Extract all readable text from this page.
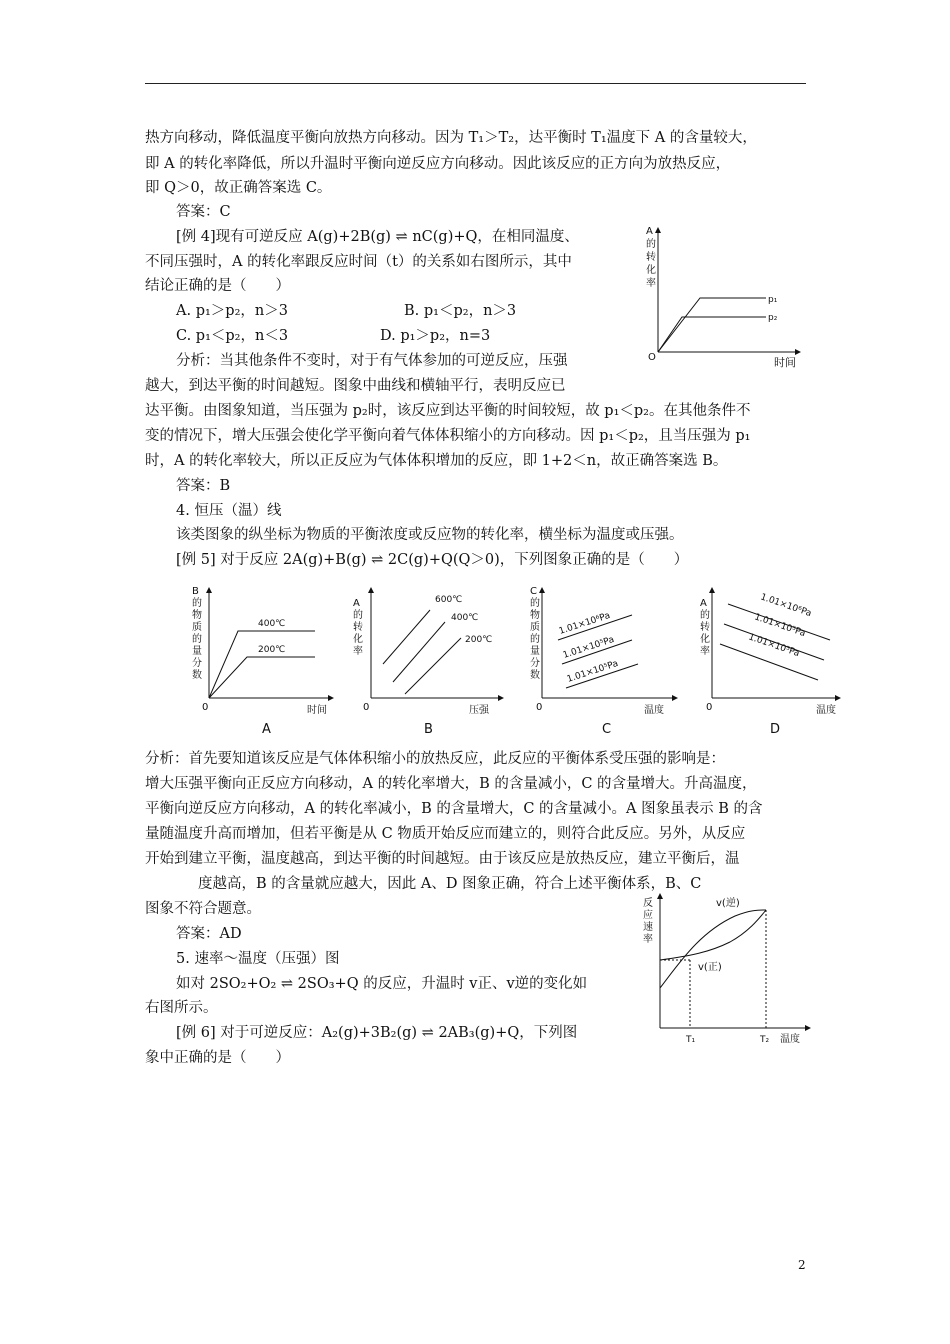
热方向移动，降低温度平衡向放热方向移动。因为 T₁＞T₂，达平衡时 T₁温度下 A 的含量较大，
即 A 的转化率降低，所以升温时平衡向逆反应方向移动。因此该反应的正方向为放热反应，
即 Q＞0，故正确答案选 C。
答案：C
[例 4]现有可逆反应 A(g)+2B(g) ⇌ nC(g)+Q，在相同温度、
不同压强时，A 的转化率跟反应时间（t）的关系如右图所示，其中
结论正确的是（　　）
A. p₁＞p₂，n＞3	B. p₁＜p₂，n＞3
C. p₁＜p₂，n＜3	D. p₁＞p₂，n=3
分析：当其他条件不变时，对于有气体参加的可逆反应，压强
越大，到达平衡的时间越短。图象中曲线和横轴平行，表明反应已
达平衡。由图象知道，当压强为 p₂时，该反应到达平衡的时间较短，故 p₁＜p₂。在其他条件不
变的情况下，增大压强会使化学平衡向着气体体积缩小的方向移动。因 p₁＜p₂，且当压强为 p₁
时，A 的转化率较大，所以正反应为气体体积增加的反应，即 1+2＜n，故正确答案选 B。
答案：B
4. 恒压（温）线
该类图象的纵坐标为物质的平衡浓度或反应物的转化率，横坐标为温度或压强。
[例 5] 对于反应 2A(g)+B(g) ⇌ 2C(g)+Q(Q＞0)，下列图象正确的是（　　）
分析：首先要知道该反应是气体体积缩小的放热反应，此反应的平衡体系受压强的影响是：
增大压强平衡向正反应方向移动，A 的转化率增大，B 的含量减小，C 的含量增大。升高温度，
平衡向逆反应方向移动，A 的转化率减小，B 的含量增大，C 的含量减小。A 图象虽表示 B 的含
量随温度升高而增加，但若平衡是从 C 物质开始反应而建立的，则符合此反应。另外，从反应
开始到建立平衡，温度越高，到达平衡的时间越短。由于该反应是放热反应，建立平衡后，温
度越高，B 的含量就应越大，因此 A、D 图象正确，符合上述平衡体系，B、C
图象不符合题意。
答案：AD
5. 速率～温度（压强）图
如对 2SO₂+O₂ ⇌ 2SO₃+Q 的反应，升温时 v正、v逆的变化如
右图所示。
[例 6] 对于可逆反应：A₂(g)+3B₂(g) ⇌ 2AB₃(g)+Q，下列图
象中正确的是（　　）
A
的
转
化
率
O	时间
p₁
p₂
B
的
物
质
的
量
分
数
0	时间
400℃
200℃
A
A
的
转
化
率
0	压强
600℃
400℃
200℃
B
C
的
物
质
的
量
分
数
0	温度
1.01×10⁶Pa
1.01×10⁵Pa
1.01×10⁵Pa
C
A
的
转
化
率
0	温度
1.01×10⁶Pa
1.01×10⁵Pa
1.01×10⁵Pa
D
反
应
速
率
温度
v(逆)
v(正)
T₁	T₂
2
